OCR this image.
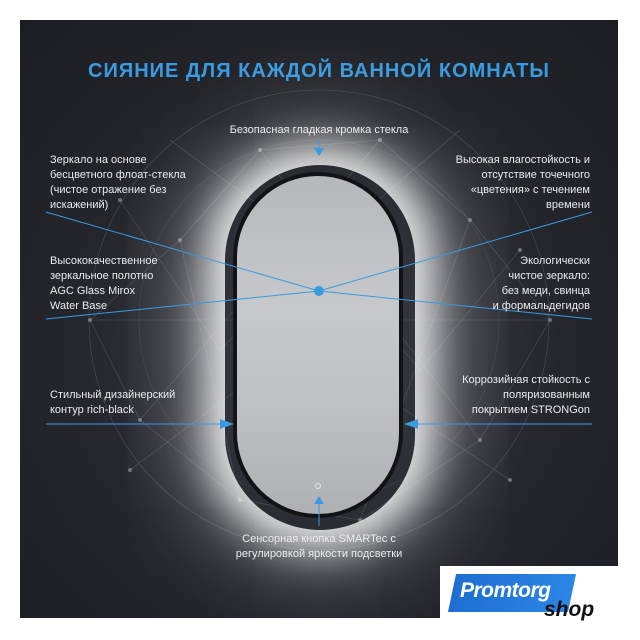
СИЯНИЕ ДЛЯ КАЖДОЙ ВАННОЙ КОМНАТЫ
Безопасная гладкая кромка стекла
Зеркало на основе
бесцветного флоат-стекла
(чистое отражение без
искажений)
Высококачественное
зеркальное полотно
AGC Glass Mirox
Water Base
Стильный дизайнерский
контур rich-black
Высокая влагостойкость и
отсутствие точечного
«цветения» с течением
времени
Экологически
чистое зеркало:
без меди, свинца
и формальдегидов
Коррозийная стойкость с
поляризованным
покрытием STRONGon
Сенсорная кнопка SMARTec с
регулировкой яркости подсветки
Promtorg
shop
